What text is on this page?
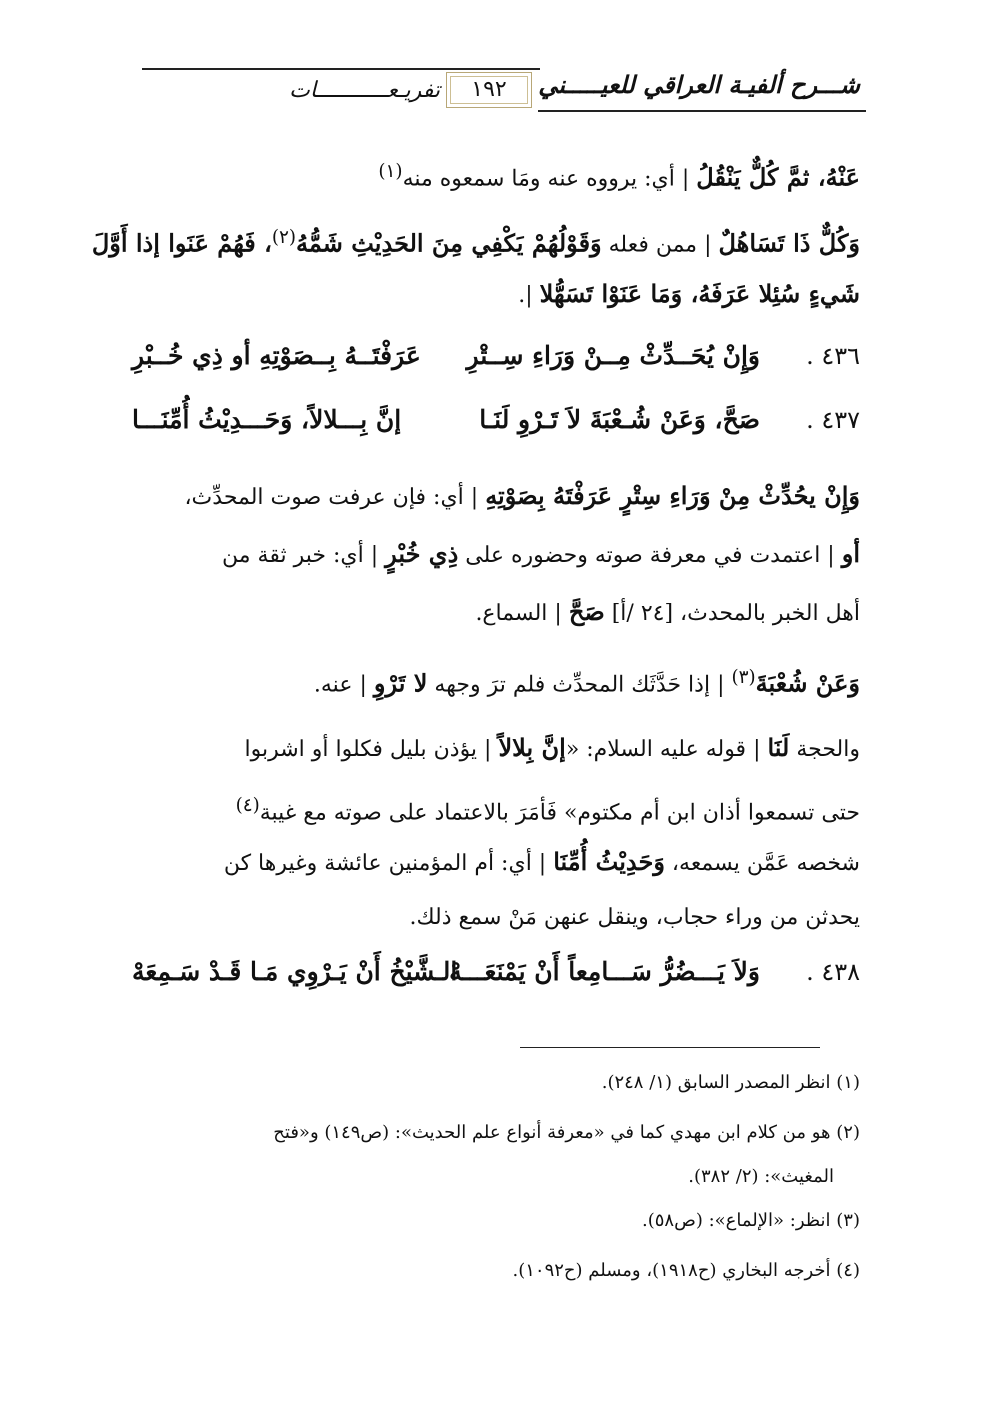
شـــرح ألفيـة العراقي للعيـــــني
١٩٢
تفريـعـــــــــــات
عَنْهُ، ثمَّ كُلٌّ يَنْقُلُ | أي: يرووه عنه ومَا سمعوه منه$^{(١)}$
وَكُلٌّ ذَا تَسَاهُلٌ | ممن فعله وَقَوْلُهُمْ يَكْفِي مِنَ الحَدِيْثِ شَمُّهُ$^{(٢)}$، فَهُمْ عَنَوا إذا أَوَّلَ
شَيءٍ سُئِلا عَرَفَهُ، وَمَا عَنَوْا تَسَهُّلا |.
٤٣٦ .
وَإِنْ يُحَــدِّثْ مِــنْ وَرَاءِ سِــتْرِ
عَرَفْتَــهُ بِــصَوْتِهِ أو ذِي خُــبْرِ
٤٣٧ .
صَحَّ، وَعَنْ شُـعْبَةَ لاَ تَـرْوِ لَنَـا
إنَّ بِـــلالاً، وَحَـــدِيْثُ أُمِّنَـــا
وَإِنْ يحُدِّثْ مِنْ وَرَاءِ سِتْرٍ عَرَفْتَهُ بِصَوْتِهِ | أي: فإن عرفت صوت المحدِّث،
أو | اعتمدت في معرفة صوته وحضوره على ذِي خُبْرٍ | أي: خبر ثقة من
أهل الخبر بالمحدث، [٢٤ /أ] صَحَّ | السماع.
وَعَنْ شُعْبَةَ$^{(٣)}$ | إذا حَدَّثَك المحدِّث فلم ترَ وجهه لا تَرْوِ | عنه.
والحجة لَنَا | قوله عليه السلام: «إنَّ بِلالاً | يؤذن بليل فكلوا أو اشربوا
حتى تسمعوا أذان ابن أم مكتوم» فَأمَرَ بالاعتماد على صوته مع غيبة$^{(٤)}$
شخصه عَمَّن يسمعه، وَحَدِيْثُ أُمِّنَا | أي: أم المؤمنين عائشة وغيرها كن
يحدثن من وراء حجاب، وينقل عنهن مَنْ سمع ذلك.
٤٣٨ .
وَلاَ يَـــضُرُّ سَـــامِعاً أَنْ يَمْنَعَـــهْ
الـشَّيْخُ أَنْ يَـرْوِي مَـا قَـدْ سَـمِعَهْ
(١) انظر المصدر السابق (١/ ٢٤٨).
(٢) هو من كلام ابن مهدي كما في «معرفة أنواع علم الحديث»: (ص١٤٩) و«فتح
المغيث»: (٢/ ٣٨٢).
(٣) انظر: «الإلماع»: (ص٥٨).
(٤) أخرجه البخاري (ح١٩١٨)، ومسلم (ح١٠٩٢).
